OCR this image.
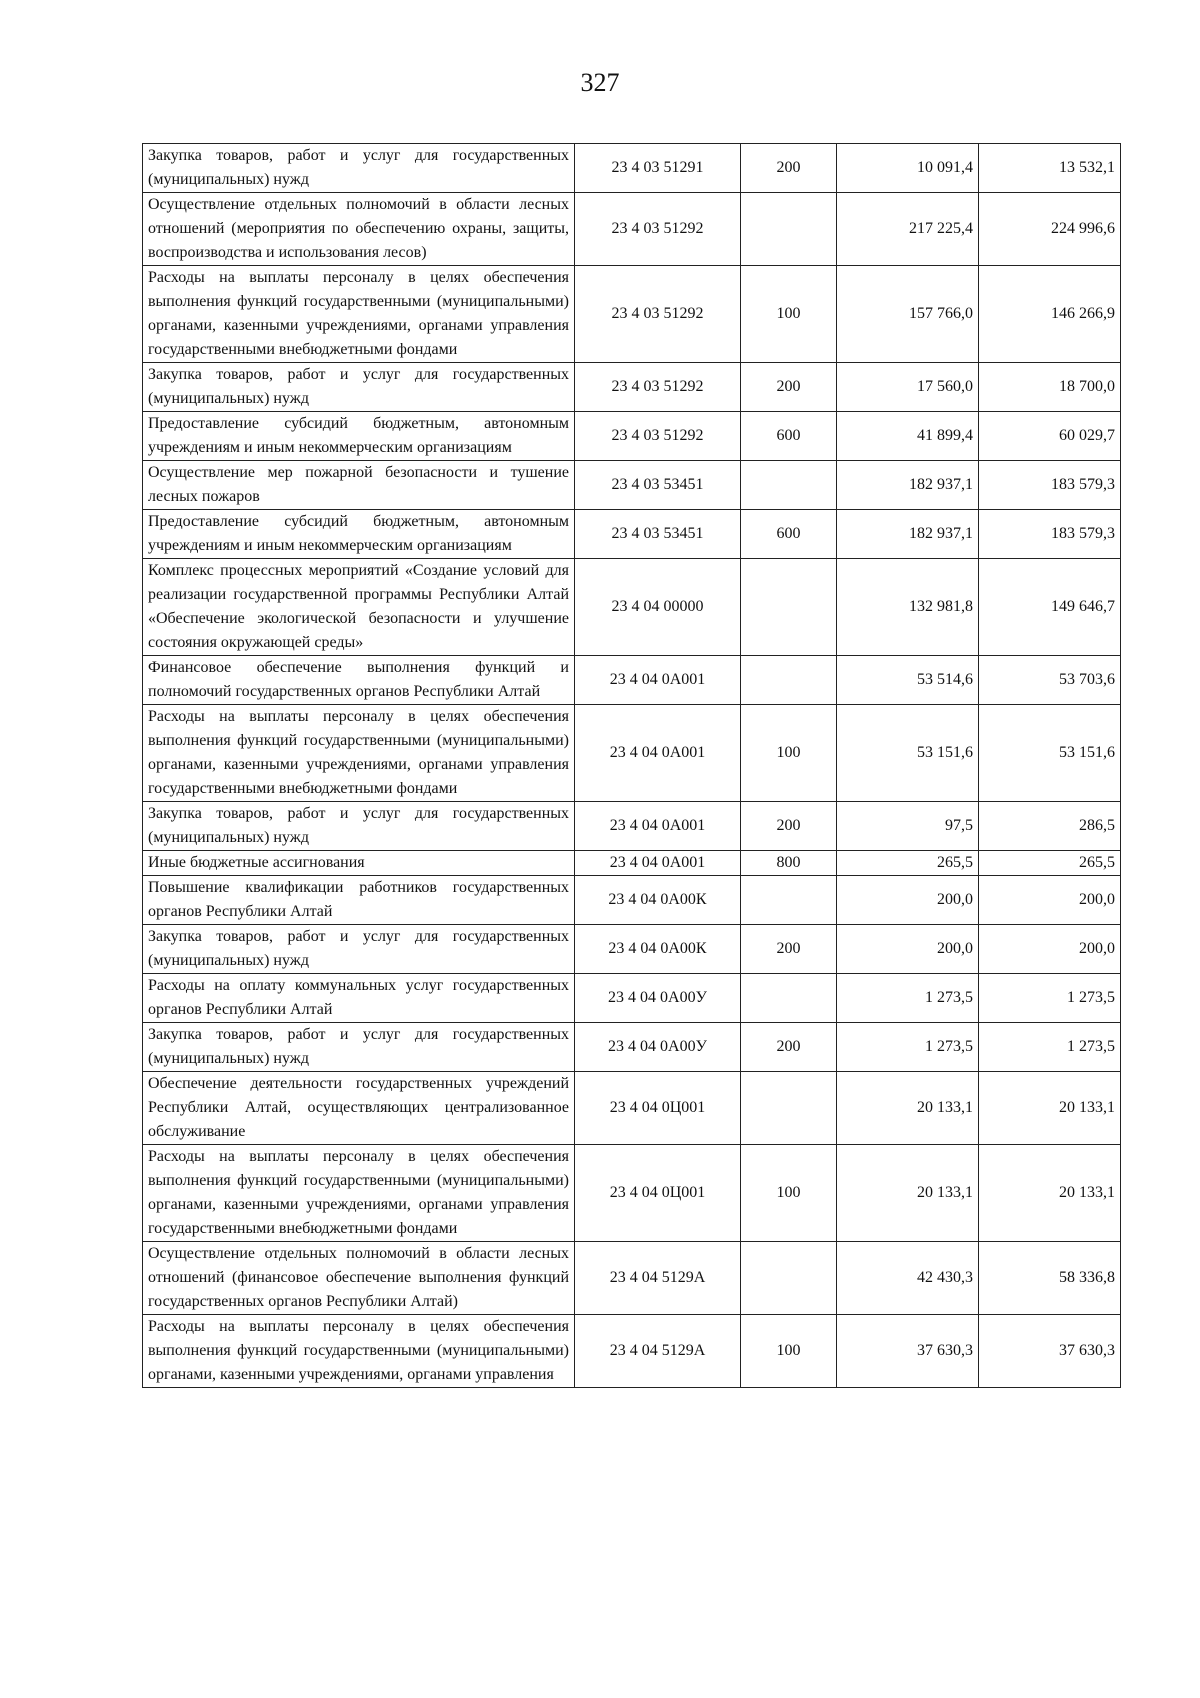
327
Закупка товаров, работ и услуг для государственных (муниципальных) нужд	23 4 03 51291	200	10 091,4	13 532,1
Осуществление отдельных полномочий в области лесных отношений (мероприятия по обеспечению охраны, защиты, воспроизводства и использования лесов)	23 4 03 51292		217 225,4	224 996,6
Расходы на выплаты персоналу в целях обеспечения выполнения функций государственными (муниципальными) органами, казенными учреждениями, органами управления государственными внебюджетными фондами	23 4 03 51292	100	157 766,0	146 266,9
Закупка товаров, работ и услуг для государственных (муниципальных) нужд	23 4 03 51292	200	17 560,0	18 700,0
Предоставление субсидий бюджетным, автономным учреждениям и иным некоммерческим организациям	23 4 03 51292	600	41 899,4	60 029,7
Осуществление мер пожарной безопасности и тушение лесных пожаров	23 4 03 53451		182 937,1	183 579,3
Предоставление субсидий бюджетным, автономным учреждениям и иным некоммерческим организациям	23 4 03 53451	600	182 937,1	183 579,3
Комплекс процессных мероприятий «Создание условий для реализации государственной программы Республики Алтай «Обеспечение экологической безопасности и улучшение состояния окружающей среды»	23 4 04 00000		132 981,8	149 646,7
Финансовое обеспечение выполнения функций и полномочий государственных органов Республики Алтай	23 4 04 0А001		53 514,6	53 703,6
Расходы на выплаты персоналу в целях обеспечения выполнения функций государственными (муниципальными) органами, казенными учреждениями, органами управления государственными внебюджетными фондами	23 4 04 0А001	100	53 151,6	53 151,6
Закупка товаров, работ и услуг для государственных (муниципальных) нужд	23 4 04 0А001	200	97,5	286,5
Иные бюджетные ассигнования	23 4 04 0А001	800	265,5	265,5
Повышение квалификации работников государственных органов Республики Алтай	23 4 04 0А00К		200,0	200,0
Закупка товаров, работ и услуг для государственных (муниципальных) нужд	23 4 04 0А00К	200	200,0	200,0
Расходы на оплату коммунальных услуг государственных органов Республики Алтай	23 4 04 0А00У		1 273,5	1 273,5
Закупка товаров, работ и услуг для государственных (муниципальных) нужд	23 4 04 0А00У	200	1 273,5	1 273,5
Обеспечение деятельности государственных учреждений Республики Алтай, осуществляющих централизованное обслуживание	23 4 04 0Ц001		20 133,1	20 133,1
Расходы на выплаты персоналу в целях обеспечения выполнения функций государственными (муниципальными) органами, казенными учреждениями, органами управления государственными внебюджетными фондами	23 4 04 0Ц001	100	20 133,1	20 133,1
Осуществление отдельных полномочий в области лесных отношений (финансовое обеспечение выполнения функций государственных органов Республики Алтай)	23 4 04 5129А		42 430,3	58 336,8
Расходы на выплаты персоналу в целях обеспечения выполнения функций государственными (муниципальными) органами, казенными учреждениями, органами управления	23 4 04 5129А	100	37 630,3	37 630,3
